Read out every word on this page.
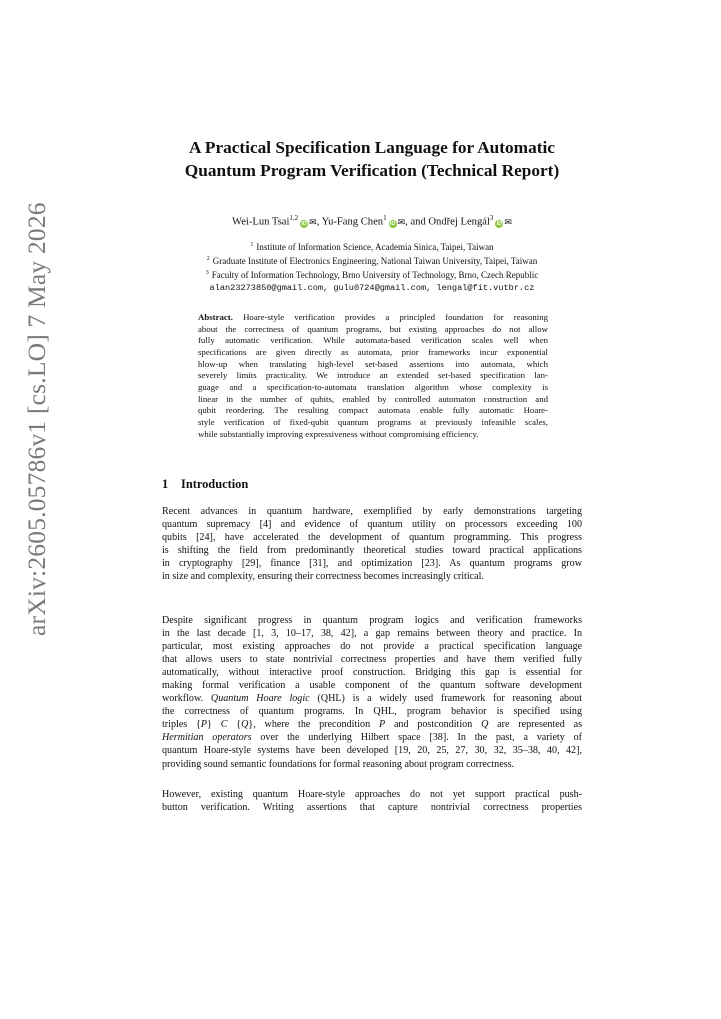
arXiv:2605.05786v1 [cs.LO] 7 May 2026
A Practical Specification Language for Automatic
Quantum Program Verification (Technical Report)
Wei-Lun Tsai$^{1,2}$iD ✉, Yu-Fang Chen$^1$iD ✉, and Ondřej Lengál$^3$iD ✉
$^1$ Institute of Information Science, Academia Sinica, Taipei, Taiwan
$^2$ Graduate Institute of Electronics Engineering, National Taiwan University, Taipei, Taiwan
$^3$ Faculty of Information Technology, Brno University of Technology, Brno, Czech Republic
alan23273850@gmail.com, gulu0724@gmail.com, lengal@fit.vutbr.cz
Abstract. Hoare-style verification provides a principled foundation for reasoning
about the correctness of quantum programs, but existing approaches do not allow
fully automatic verification. While automata-based verification scales well when
specifications are given directly as automata, prior frameworks incur exponential
blow-up when translating high-level set-based assertions into automata, which
severely limits practicality. We introduce an extended set-based specification lan-
guage and a specification-to-automata translation algorithm whose complexity is
linear in the number of qubits, enabled by controlled automaton construction and
qubit reordering. The resulting compact automata enable fully automatic Hoare-
style verification of fixed-qubit quantum programs at previously infeasible scales,
while substantially improving expressiveness without compromising efficiency.
1 Introduction
Recent advances in quantum hardware, exemplified by early demonstrations targeting
quantum supremacy [4] and evidence of quantum utility on processors exceeding 100
qubits [24], have accelerated the development of quantum programming. This progress
is shifting the field from predominantly theoretical studies toward practical applications
in cryptography [29], finance [31], and optimization [23]. As quantum programs grow
in size and complexity, ensuring their correctness becomes increasingly critical.
Despite significant progress in quantum program logics and verification frameworks
in the last decade [1, 3, 10–17, 38, 42], a gap remains between theory and practice. In
particular, most existing approaches do not provide a practical specification language
that allows users to state nontrivial correctness properties and have them verified fully
automatically, without interactive proof construction. Bridging this gap is essential for
making formal verification a usable component of the quantum software development
workflow. Quantum Hoare logic (QHL) is a widely used framework for reasoning about
the correctness of quantum programs. In QHL, program behavior is specified using
triples {P} C {Q}, where the precondition P and postcondition Q are represented as
Hermitian operators over the underlying Hilbert space [38]. In the past, a variety of
quantum Hoare-style systems have been developed [19, 20, 25, 27, 30, 32, 35–38, 40, 42],
providing sound semantic foundations for formal reasoning about program correctness.
However, existing quantum Hoare-style approaches do not yet support practical push-
button verification. Writing assertions that capture nontrivial correctness properties
